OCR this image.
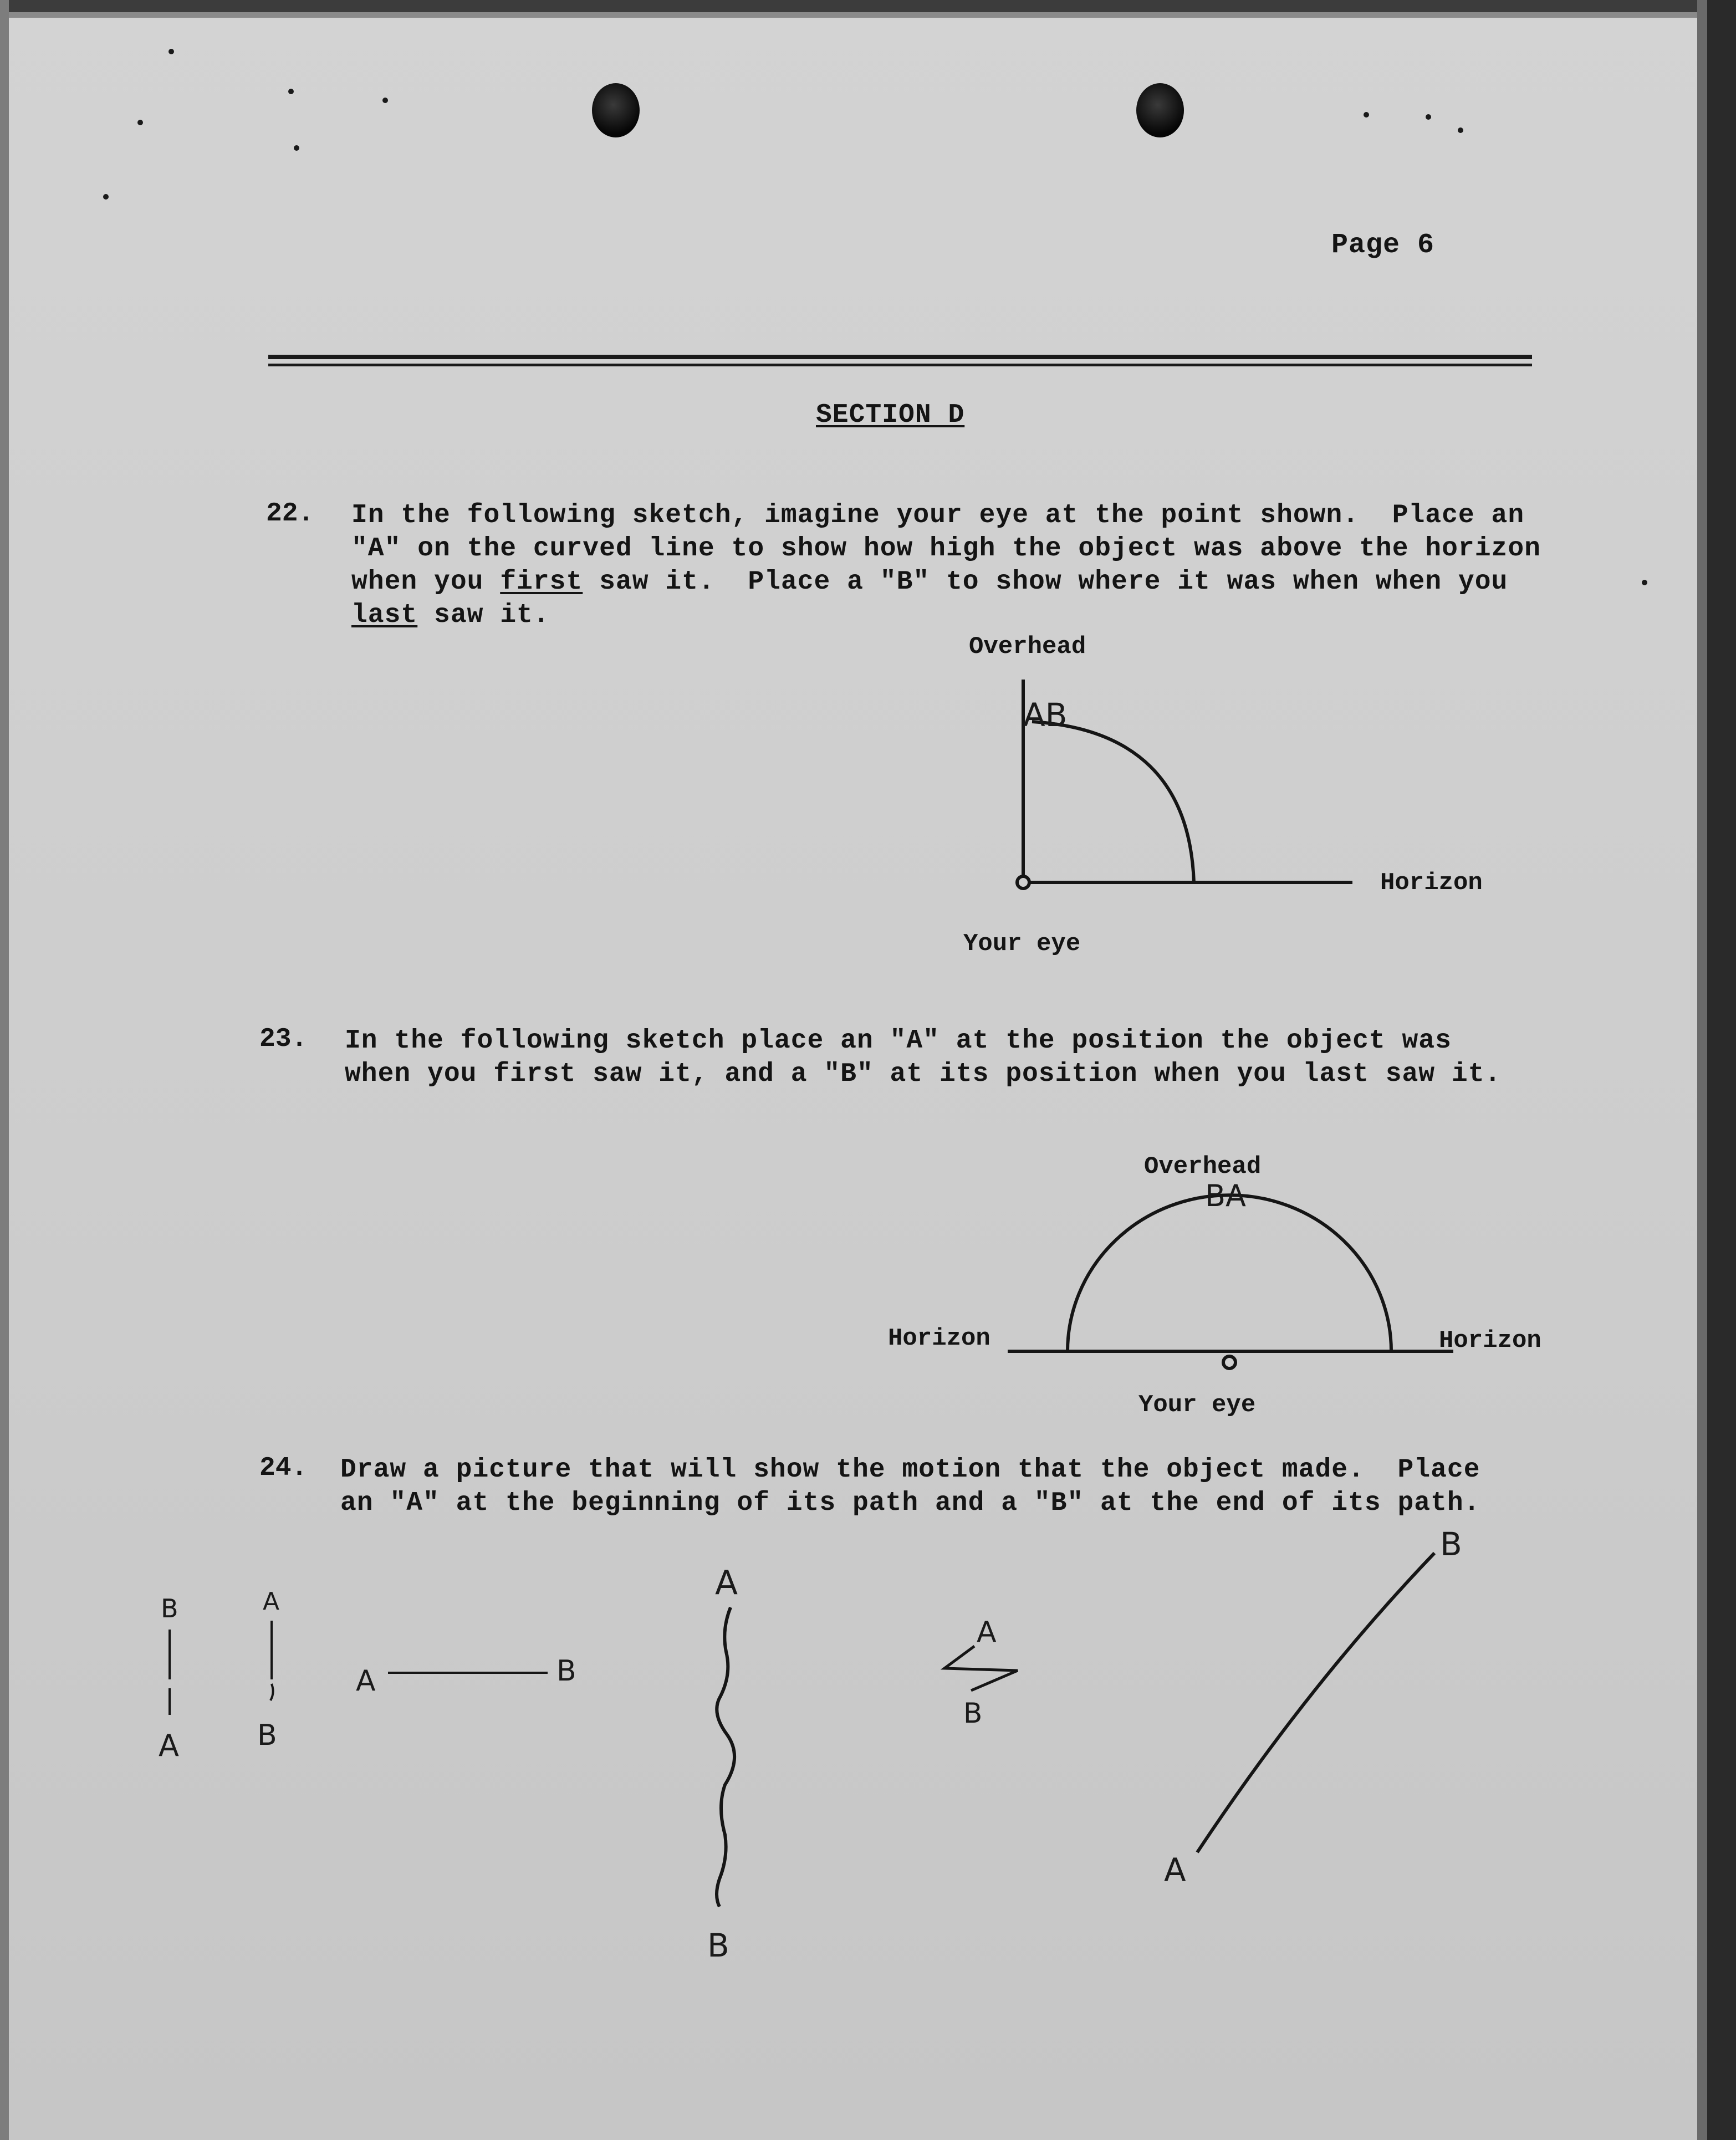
Page 6
SECTION D
22. In the following sketch, imagine your eye at the point shown.  Place an
"A" on the curved line to show how high the object was above the horizon
when you first saw it.  Place a "B" to show where it was when when you
last saw it.
Overhead
Horizon
Your eye
23. In the following sketch place an "A" at the position the object was
when you first saw it, and a "B" at its position when you last saw it.
Overhead
Horizon	Horizon
Your eye
24. Draw a picture that will show the motion that the object made.  Place
an "A" at the beginning of its path and a "B" at the end of its path.
AB
BA
B
A
A
B
A	B
A
B
A
B
B
A
